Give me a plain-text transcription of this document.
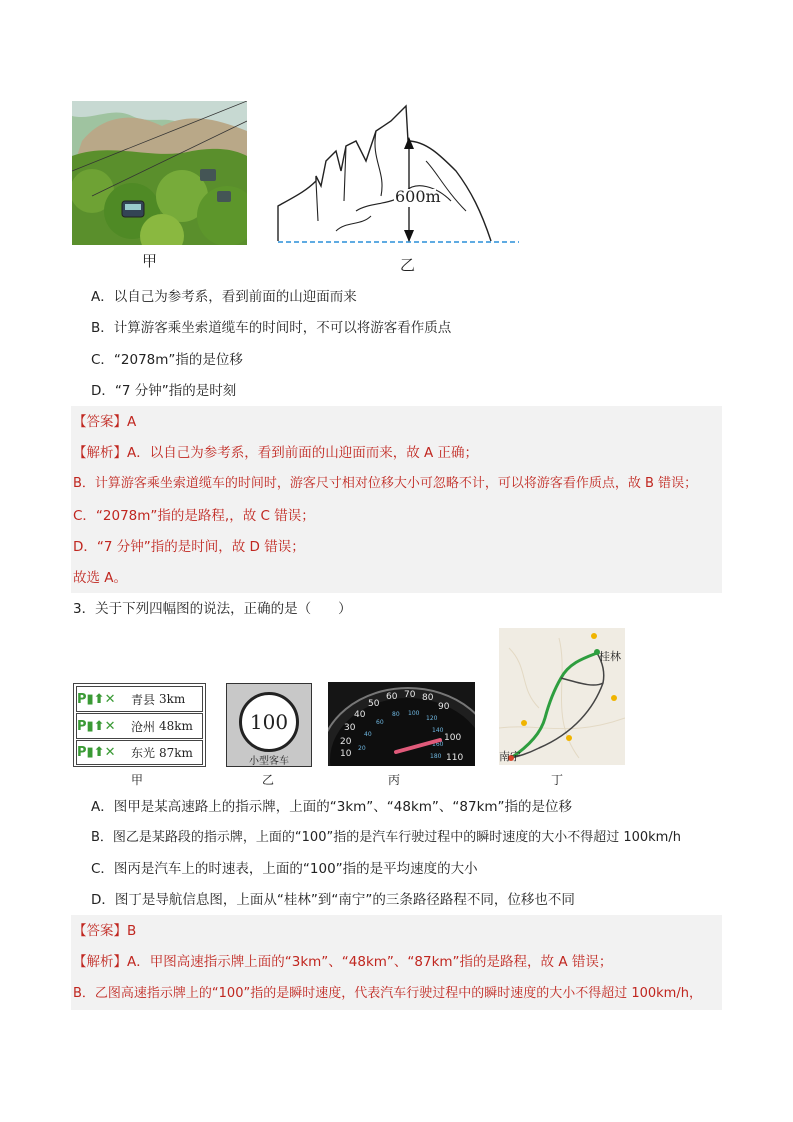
甲
600m
乙
A．以自己为参考系，看到前面的山迎面而来
B．计算游客乘坐索道缆车的时间时，不可以将游客看作质点
C．“2078m”指的是位移
D．“7 分钟”指的是时刻
【答案】A
【解析】A．以自己为参考系，看到前面的山迎面而来，故 A 正确；
B．计算游客乘坐索道缆车的时间时，游客尺寸相对位移大小可忽略不计，可以将游客看作质点，故 B 错误；
C．“2078m”指的是路程,，故 C 错误；
D．“7 分钟”指的是时间，故 D 错误；
故选 A。
3．关于下列四幅图的说法，正确的是（　　）
P▮⬆✕	青县 3km
P▮⬆✕	沧州 48km
P▮⬆✕	东光 87km
甲
100
小型客车
乙
10
20
30
40
50
60 70 80
90
100
110
20
40
60
80 100
120
140
160
180
丙
桂林
南宁
丁
A．图甲是某高速路上的指示牌，上面的“3km”、“48km”、“87km”指的是位移
B．图乙是某路段的指示牌，上面的“100”指的是汽车行驶过程中的瞬时速度的大小不得超过 100km/h
C．图丙是汽车上的时速表，上面的“100”指的是平均速度的大小
D．图丁是导航信息图，上面从“桂林”到“南宁”的三条路径路程不同，位移也不同
【答案】B
【解析】A．甲图高速指示牌上面的“3km”、“48km”、“87km”指的是路程，故 A 错误；
B．乙图高速指示牌上的“100”指的是瞬时速度，代表汽车行驶过程中的瞬时速度的大小不得超过 100km/h，
